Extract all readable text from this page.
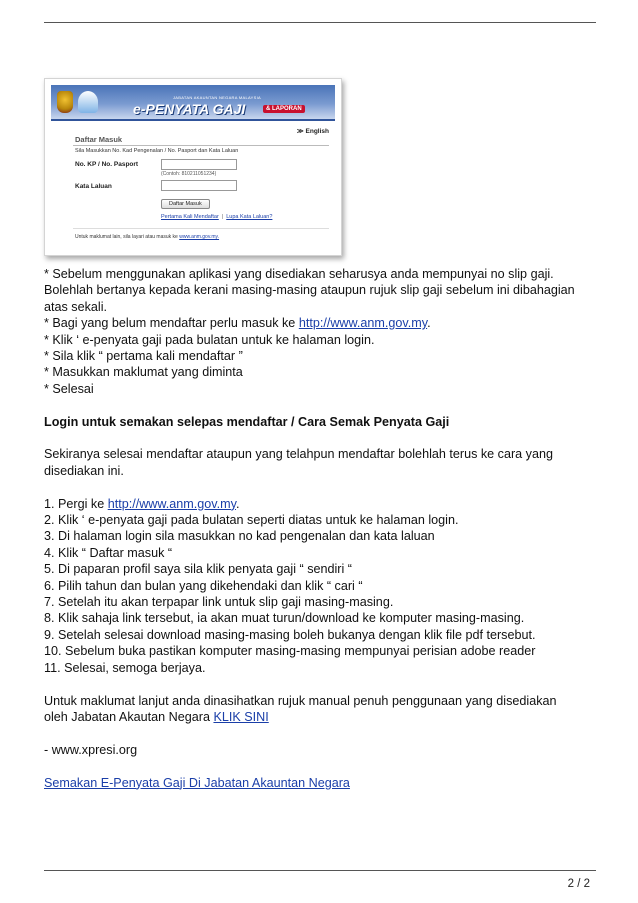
JABATAN AKAUNTAN NEGARA MALAYSIA
e-PENYATA GAJI	& LAPORAN
≫ English
Daftar Masuk
Sila Masukkan No. Kad Pengenalan / No. Pasport dan Kata Laluan
No. KP / No. Pasport
(Contoh: 810211051234)
Kata Laluan
Daftar Masuk
Pertama Kali Mendaftar | Lupa Kata Laluan?
Untuk maklumat lain, sila layari atau masuk ke www.anm.gov.my.

* Sebelum menggunakan aplikasi yang disediakan seharusya anda mempunyai no slip gaji.

Bolehlah bertanya kepada kerani masing-masing ataupun rujuk slip gaji sebelum ini dibahagian

atas sekali.

* Bagi yang belum mendaftar perlu masuk ke http://www.anm.gov.my.

* Klik ‘ e-penyata gaji pada bulatan untuk ke halaman login.

* Sila klik “ pertama kali mendaftar ”

* Masukkan maklumat yang diminta

* Selesai

Login untuk semakan selepas mendaftar / Cara Semak Penyata Gaji

Sekiranya selesai mendaftar ataupun yang telahpun mendaftar bolehlah terus ke cara yang

disediakan ini.

1. Pergi ke http://www.anm.gov.my.

2. Klik ‘ e-penyata gaji pada bulatan seperti diatas untuk ke halaman login.

3. Di halaman login sila masukkan no kad pengenalan dan kata laluan

4. Klik “ Daftar masuk “

5. Di paparan profil saya sila klik penyata gaji “ sendiri “

6. Pilih tahun dan bulan yang dikehendaki dan klik “ cari “

7. Setelah itu akan terpapar link untuk slip gaji masing-masing.

8. Klik sahaja link tersebut, ia akan muat turun/download ke komputer masing-masing.

9. Setelah selesai download masing-masing boleh bukanya dengan klik file pdf tersebut.

10. Sebelum buka pastikan komputer masing-masing mempunyai perisian adobe reader

11. Selesai, semoga berjaya.

Untuk maklumat lanjut anda dinasihatkan rujuk manual penuh penggunaan yang disediakan

oleh Jabatan Akautan Negara KLIK SINI

- www.xpresi.org

Semakan E-Penyata Gaji Di Jabatan Akauntan Negara

2 / 2
